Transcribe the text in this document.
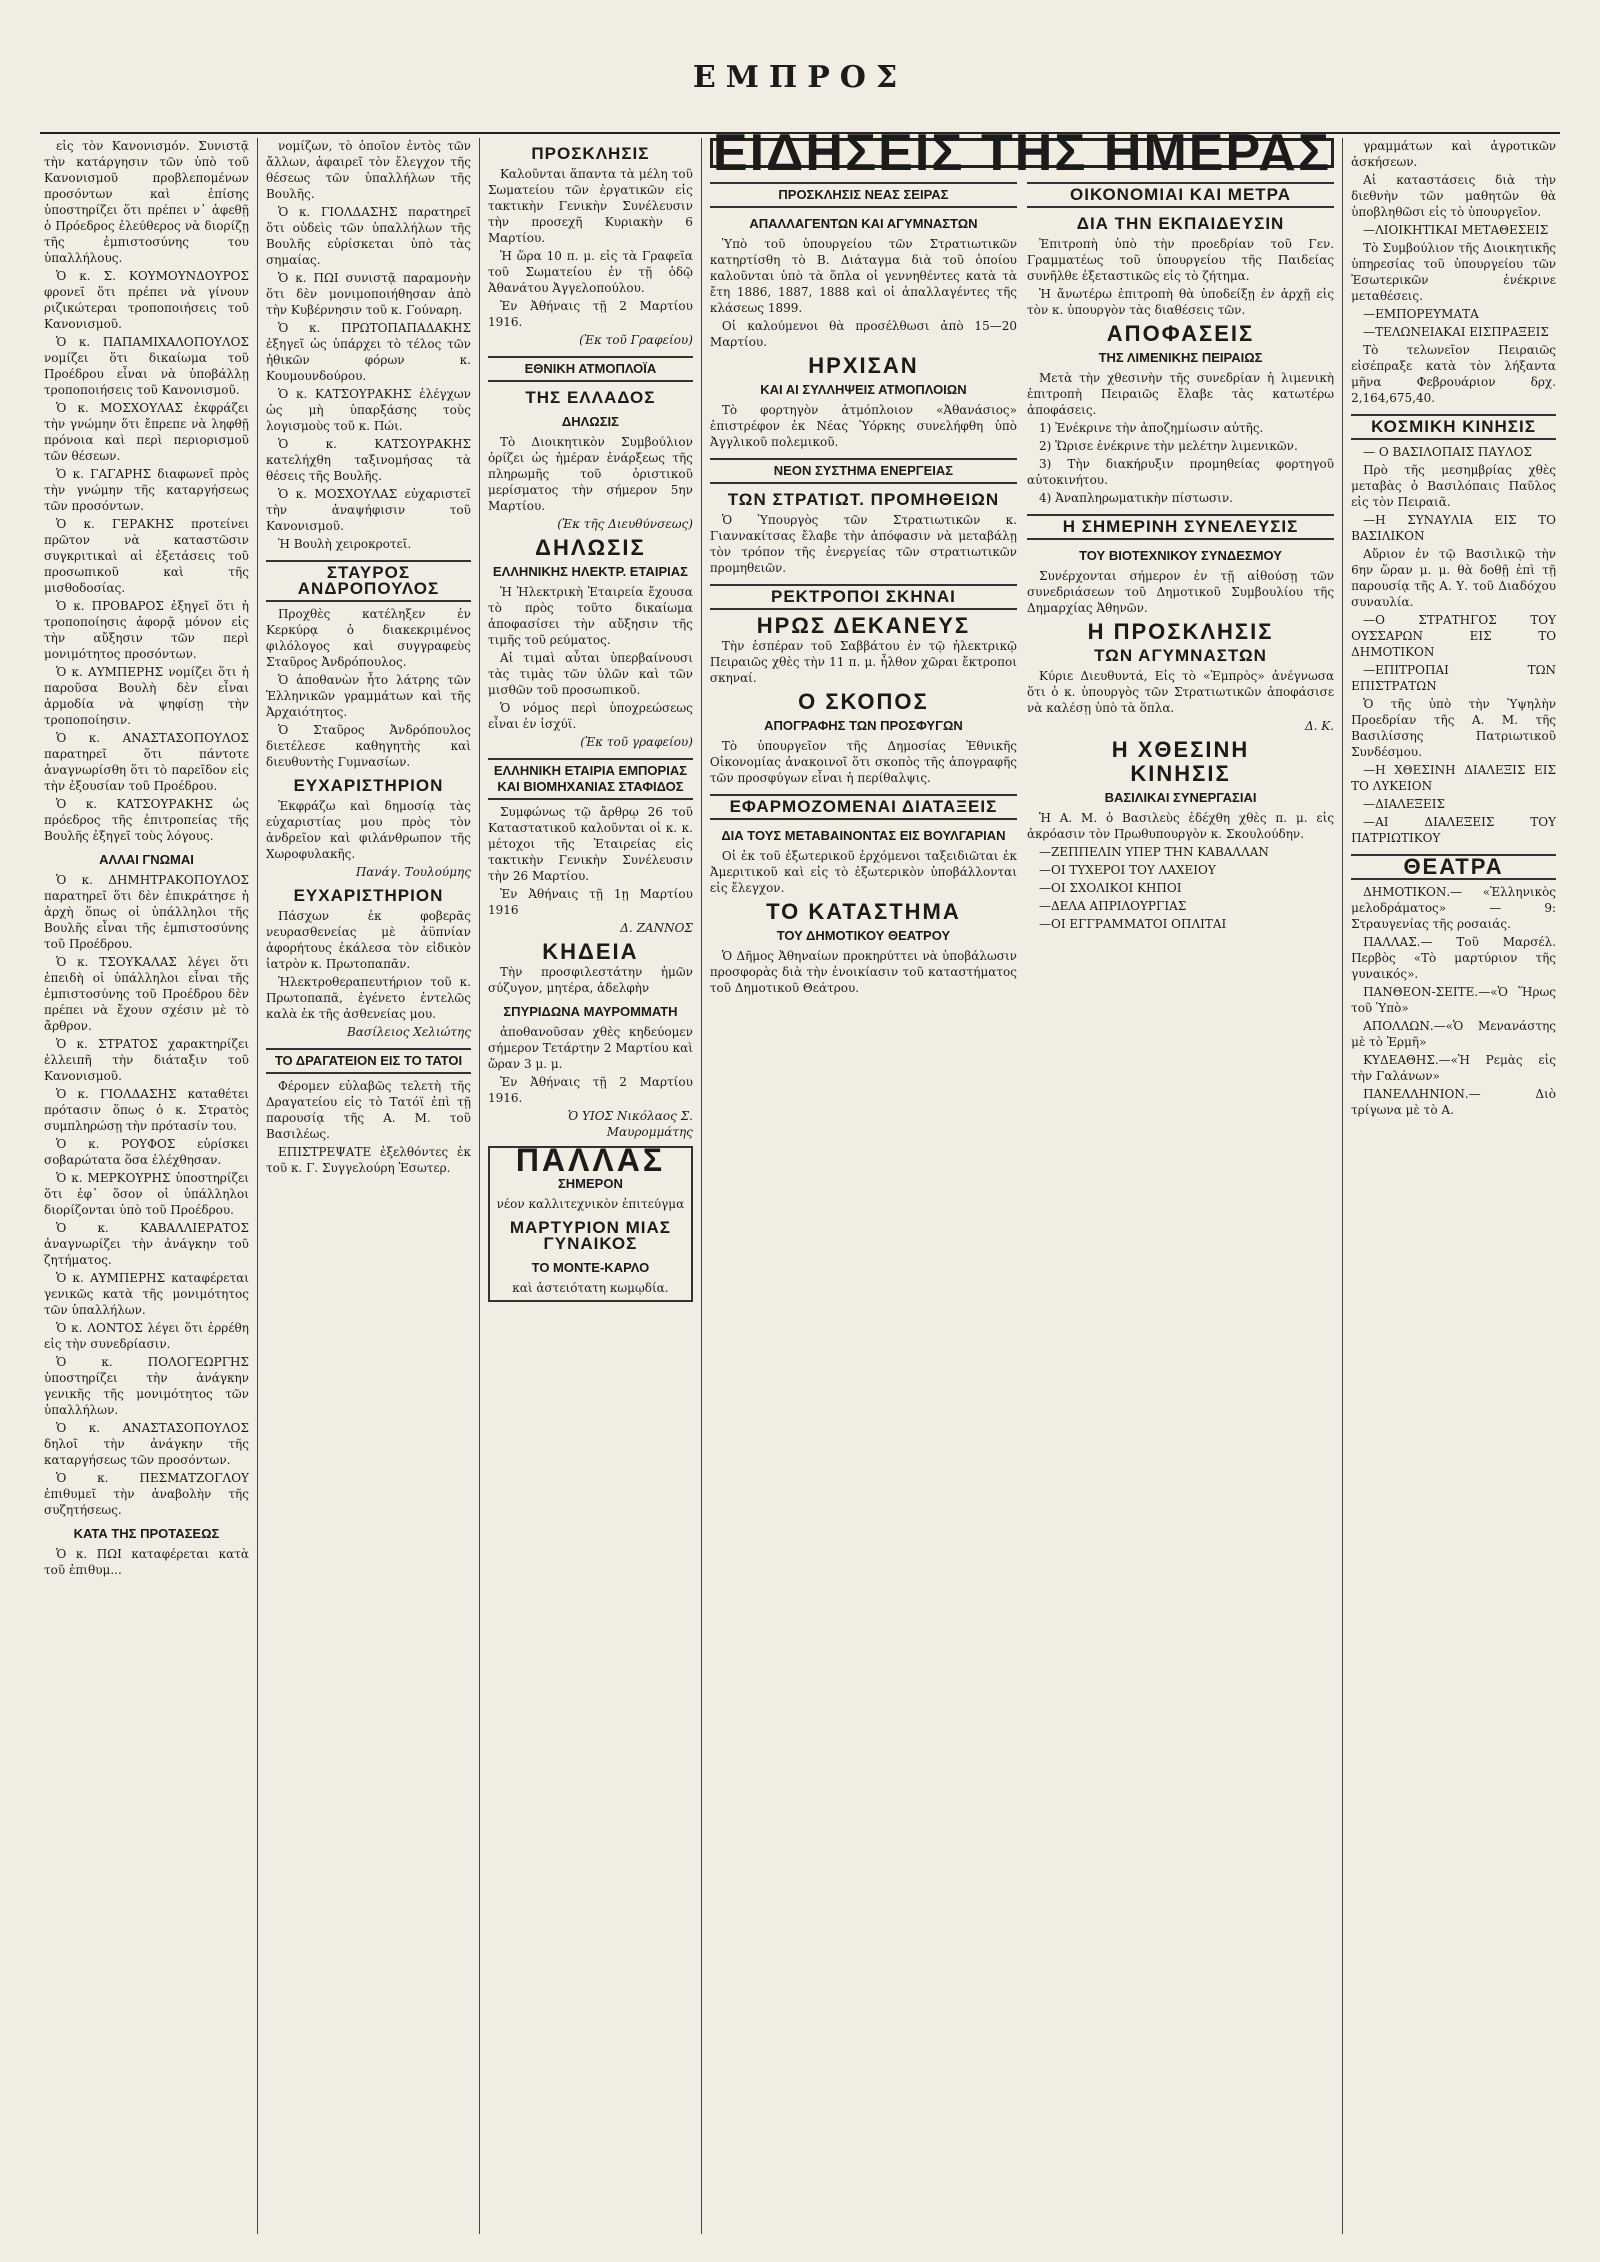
ΕΜΠΡΟΣ

εἰς τὸν Κανονισμόν. Συνιστᾷ τὴν κατάργησιν τῶν ὑπὸ τοῦ Κανονισμοῦ προβλεπομένων προσόντων καὶ ἐπίσης ὑποστηρίζει ὅτι πρέπει ν᾽ ἀφεθῇ ὁ Πρόεδρος ἐλεύθερος νὰ διορίζῃ τῆς ἐμπιστοσύνης του ὑπαλλήλους.

Ὁ κ. Σ. ΚΟΥΜΟΥΝΔΟΥΡΟΣ φρονεῖ ὅτι πρέπει νὰ γίνουν ριζικώτεραι τροποποιήσεις τοῦ Κανονισμοῦ.

Ὁ κ. ΠΑΠΑΜΙΧΑΛΟΠΟΥΛΟΣ νομίζει ὅτι δικαίωμα τοῦ Προέδρου εἶναι νὰ ὑποβάλλῃ τροποποιήσεις τοῦ Κανονισμοῦ.

Ὁ κ. ΜΟΣΧΟΥΛΑΣ ἐκφράζει τὴν γνώμην ὅτι ἔπρεπε νὰ ληφθῇ πρόνοια καὶ περὶ περιορισμοῦ τῶν θέσεων.

Ὁ κ. ΓΑΓΑΡΗΣ διαφωνεῖ πρὸς τὴν γνώμην τῆς καταργήσεως τῶν προσόντων.

Ὁ κ. ΓΕΡΑΚΗΣ προτείνει πρῶτον νὰ καταστῶσιν συγκριτικαὶ αἱ ἐξετάσεις τοῦ προσωπικοῦ καὶ τῆς μισθοδοσίας.

Ὁ κ. ΠΡΟΒΑΡΟΣ ἐξηγεῖ ὅτι ἡ τροποποίησις ἀφορᾷ μόνον εἰς τὴν αὔξησιν τῶν περὶ μονιμότητος προσόντων.

Ὁ κ. ΑΥΜΠΕΡΗΣ νομίζει ὅτι ἡ παροῦσα Βουλὴ δὲν εἶναι ἁρμοδία νὰ ψηφίσῃ τὴν τροποποίησιν.

Ὁ κ. ΑΝΑΣΤΑΣΟΠΟΥΛΟΣ παρατηρεῖ ὅτι πάντοτε ἀναγνωρίσθη ὅτι τὸ παρεῖδον εἰς τὴν ἐξουσίαν τοῦ Προέδρου.

Ὁ κ. ΚΑΤΣΟΥΡΑΚΗΣ ὡς πρόεδρος τῆς ἐπιτροπείας τῆς Βουλῆς ἐξηγεῖ τοὺς λόγους.

ΑΛΛΑΙ ΓΝΩΜΑΙ

Ὁ κ. ΔΗΜΗΤΡΑΚΟΠΟΥΛΟΣ παρατηρεῖ ὅτι δὲν ἐπικράτησε ἡ ἀρχὴ ὅπως οἱ ὑπάλληλοι τῆς Βουλῆς εἶναι τῆς ἐμπιστοσύνης τοῦ Προέδρου.

Ὁ κ. ΤΣΟΥΚΑΛΑΣ λέγει ὅτι ἐπειδὴ οἱ ὑπάλληλοι εἶναι τῆς ἐμπιστοσύνης τοῦ Προέδρου δὲν πρέπει νὰ ἔχουν σχέσιν μὲ τὸ ἄρθρον.

Ὁ κ. ΣΤΡΑΤΟΣ χαρακτηρίζει ἐλλειπῆ τὴν διάταξιν τοῦ Κανονισμοῦ.

Ὁ κ. ΓΙΟΛΔΑΣΗΣ καταθέτει πρότασιν ὅπως ὁ κ. Στρατὸς συμπληρώσῃ τὴν πρότασίν του.

Ὁ κ. ΡΟΥΦΟΣ εὑρίσκει σοβαρώτατα ὅσα ἐλέχθησαν.

Ὁ κ. ΜΕΡΚΟΥΡΗΣ ὑποστηρίζει ὅτι ἐφ᾽ ὅσον οἱ ὑπάλληλοι διορίζονται ὑπὸ τοῦ Προέδρου.

Ὁ κ. ΚΑΒΑΛΛΙΕΡΑΤΟΣ ἀναγνωρίζει τὴν ἀνάγκην τοῦ ζητήματος.

Ὁ κ. ΑΥΜΠΕΡΗΣ καταφέρεται γενικῶς κατὰ τῆς μονιμότητος τῶν ὑπαλλήλων.

Ὁ κ. ΛΟΝΤΟΣ λέγει ὅτι ἐρρέθη εἰς τὴν συνεδρίασιν.

Ὁ κ. ΠΟΛΟΓΕΩΡΓΗΣ ὑποστηρίζει τὴν ἀνάγκην γενικῆς τῆς μονιμότητος τῶν ὑπαλλήλων.

Ὁ κ. ΑΝΑΣΤΑΣΟΠΟΥΛΟΣ δηλοῖ τὴν ἀνάγκην τῆς καταργήσεως τῶν προσόντων.

Ὁ κ. ΠΕΣΜΑΤΖΟΓΛΟΥ ἐπιθυμεῖ τὴν ἀναβολὴν τῆς συζητήσεως.

ΚΑΤΑ ΤΗΣ ΠΡΟΤΑΣΕΩΣ

Ὁ κ. ΠΩΙ καταφέρεται κατὰ τοῦ ἐπιθυμ...

νομίζων, τὸ ὁποῖον ἐντὸς τῶν ἄλλων, ἀφαιρεῖ τὸν ἔλεγχον τῆς θέσεως τῶν ὑπαλλήλων τῆς Βουλῆς.

Ὁ κ. ΓΙΟΛΔΑΣΗΣ παρατηρεῖ ὅτι οὐδεὶς τῶν ὑπαλλήλων τῆς Βουλῆς εὑρίσκεται ὑπὸ τὰς σημαίας.

Ὁ κ. ΠΩΙ συνιστᾷ παραμονὴν ὅτι δὲν μονιμοποιήθησαν ἀπὸ τὴν Κυβέρνησιν τοῦ κ. Γούναρη.

Ὁ κ. ΠΡΩΤΟΠΑΠΑΔΑΚΗΣ ἐξηγεῖ ὡς ὑπάρχει τὸ τέλος τῶν ἠθικῶν φόρων κ. Κουμουνδούρου.

Ὁ κ. ΚΑΤΣΟΥΡΑΚΗΣ ἐλέγχων ὡς μὴ ὑπαρξάσης τοὺς λογισμοὺς τοῦ κ. Πώι.

Ὁ κ. ΚΑΤΣΟΥΡΑΚΗΣ κατελήχθη ταξινομήσας τὰ θέσεις τῆς Βουλῆς.

Ὁ κ. ΜΟΣΧΟΥΛΑΣ εὐχαριστεῖ τὴν ἀναψήφισιν τοῦ Κανονισμοῦ.

Ἡ Βουλὴ χειροκροτεῖ.

ΣΤΑΥΡΟΣ ΑΝΔΡΟΠΟΥΛΟΣ

Προχθὲς κατέληξεν ἐν Κερκύρᾳ ὁ διακεκριμένος φιλόλογος καὶ συγγραφεὺς Σταῦρος Ἀνδρόπουλος.

Ὁ ἀποθανὼν ἦτο λάτρης τῶν Ἑλληνικῶν γραμμάτων καὶ τῆς Ἀρχαιότητος.

Ὁ Σταῦρος Ἀνδρόπουλος διετέλεσε καθηγητὴς καὶ διευθυντὴς Γυμνασίων.

ΕΥΧΑΡΙΣΤΗΡΙΟΝ

Ἐκφράζω καὶ δημοσίᾳ τὰς εὐχαριστίας μου πρὸς τὸν ἀνδρεῖον καὶ φιλάνθρωπον τῆς Χωροφυλακῆς.

Πανάγ. Τουλούμης
ΕΥΧΑΡΙΣΤΗΡΙΟΝ

Πάσχων ἐκ φοβερᾶς νευρασθενείας μὲ ἀϋπνίαν ἀφορήτους ἐκάλεσα τὸν εἰδικὸν ἰατρὸν κ. Πρωτοπαπᾶν.

Ἠλεκτροθεραπευτήριον τοῦ κ. Πρωτοπαπᾶ, ἐγένετο ἐντελῶς καλὰ ἐκ τῆς ἀσθενείας μου.

Βασίλειος Χελιώτης
ΤΟ ΔΡΑΓΑΤΕΙΟΝ ΕΙΣ ΤΟ ΤΑΤΟΙ

Φέρομεν εὐλαβῶς τελετὴ τῆς Δραγατείου εἰς τὸ Τατόϊ ἐπὶ τῇ παρουσίᾳ τῆς Α. Μ. τοῦ Βασιλέως.

ΕΠΙΣΤΡΕΨΑΤΕ ἐξελθόντες ἐκ τοῦ κ. Γ. Συγγελούρη Ἐσωτερ.

ΠΡΟΣΚΛΗΣΙΣ

Καλοῦνται ἅπαντα τὰ μέλη τοῦ Σωματείου τῶν ἐργατικῶν εἰς τακτικὴν Γενικὴν Συνέλευσιν τὴν προσεχῆ Κυριακὴν 6 Μαρτίου.

Ἡ ὥρα 10 π. μ. εἰς τὰ Γραφεῖα τοῦ Σωματείου ἐν τῇ ὁδῷ Ἀθανάτου Ἀγγελοπούλου.

Ἐν Ἀθήναις τῇ 2 Μαρτίου 1916.

(Ἐκ τοῦ Γραφείου)
ΕΘΝΙΚΗ ΑΤΜΟΠΛΟΪΑ
ΤΗΣ ΕΛΛΑΔΟΣ
ΔΗΛΩΣΙΣ

Τὸ Διοικητικὸν Συμβούλιον ὁρίζει ὡς ἡμέραν ἐνάρξεως τῆς πληρωμῆς τοῦ ὁριστικοῦ μερίσματος τὴν σήμερον 5ην Μαρτίου.

(Ἐκ τῆς Διευθύνσεως)
ΔΗΛΩΣΙΣ
ΕΛΛΗΝΙΚΗΣ ΗΛΕΚΤΡ. ΕΤΑΙΡΙΑΣ

Ἡ Ἠλεκτρικὴ Ἑταιρεία ἔχουσα τὸ πρὸς τοῦτο δικαίωμα ἀποφασίσει τὴν αὔξησιν τῆς τιμῆς τοῦ ρεύματος.

Αἱ τιμαὶ αὗται ὑπερβαίνουσι τὰς τιμὰς τῶν ὑλῶν καὶ τῶν μισθῶν τοῦ προσωπικοῦ.

Ὁ νόμος περὶ ὑποχρεώσεως εἶναι ἐν ἰσχύϊ.

(Ἐκ τοῦ γραφείου)
ΕΛΛΗΝΙΚΗ ΕΤΑΙΡΙΑ ΕΜΠΟΡΙΑΣ ΚΑΙ ΒΙΟΜΗΧΑΝΙΑΣ ΣΤΑΦΙΔΟΣ

Συμφώνως τῷ ἄρθρῳ 26 τοῦ Καταστατικοῦ καλοῦνται οἱ κ. κ. μέτοχοι τῆς Ἑταιρείας εἰς τακτικὴν Γενικὴν Συνέλευσιν τὴν 26 Μαρτίου.

Ἐν Ἀθήναις τῇ 1ῃ Μαρτίου 1916

Δ. ΖΑΝΝΟΣ
ΚΗΔΕΙΑ

Τὴν προσφιλεστάτην ἡμῶν σύζυγον, μητέρα, ἀδελφὴν

ΣΠΥΡΙΔΩΝΑ ΜΑΥΡΟΜΜΑΤΗ

ἀποθανοῦσαν χθὲς κηδεύομεν σήμερον Τετάρτην 2 Μαρτίου καὶ ὥραν 3 μ. μ.

Ἐν Ἀθήναις τῇ 2 Μαρτίου 1916.

Ὁ ΥΙΟΣ Νικόλαος Σ. Μαυρομμάτης
ΠΑΛΛΑΣ
ΣΗΜΕΡΟΝ
νέον καλλιτεχνικὸν ἐπιτεύγμα
ΜΑΡΤΥΡΙΟΝ ΜΙΑΣ ΓΥΝΑΙΚΟΣ
ΤΟ ΜΟΝΤΕ-ΚΑΡΛΟ
καὶ ἀστειότατη κωμῳδία.
ΕΙΔΗΣΕΙΣ ΤΗΣ ΗΜΕΡΑΣ
ΠΡΟΣΚΛΗΣΙΣ ΝΕΑΣ ΣΕΙΡΑΣ
ΑΠΑΛΛΑΓΕΝΤΩΝ ΚΑΙ ΑΓΥΜΝΑΣΤΩΝ

Ὑπὸ τοῦ ὑπουργείου τῶν Στρατιωτικῶν κατηρτίσθη τὸ Β. Διάταγμα διὰ τοῦ ὁποίου καλοῦνται ὑπὸ τὰ ὅπλα οἱ γεννηθέντες κατὰ τὰ ἔτη 1886, 1887, 1888 καὶ οἱ ἀπαλλαγέντες τῆς κλάσεως 1899.

Οἱ καλούμενοι θὰ προσέλθωσι ἀπὸ 15—20 Μαρτίου.

ΗΡΧΙΣΑΝ
ΚΑΙ ΑΙ ΣΥΛΛΗΨΕΙΣ ΑΤΜΟΠΛΟΙΩΝ

Τὸ φορτηγὸν ἀτμόπλοιον «Ἀθανάσιος» ἐπιστρέφον ἐκ Νέας Ὑόρκης συνελήφθη ὑπὸ Ἀγγλικοῦ πολεμικοῦ.

ΝΕΟΝ ΣΥΣΤΗΜΑ ΕΝΕΡΓΕΙΑΣ
ΤΩΝ ΣΤΡΑΤΙΩΤ. ΠΡΟΜΗΘΕΙΩΝ

Ὁ Ὑπουργὸς τῶν Στρατιωτικῶν κ. Γιαννακίτσας ἔλαβε τὴν ἀπόφασιν νὰ μεταβάλῃ τὸν τρόπον τῆς ἐνεργείας τῶν στρατιωτικῶν προμηθειῶν.

ΡΕΚΤΡΟΠΟΙ ΣΚΗΝΑΙ
ΗΡΩΣ ΔΕΚΑΝΕΥΣ

Τὴν ἑσπέραν τοῦ Σαββάτου ἐν τῷ ἠλεκτρικῷ Πειραιῶς χθὲς τὴν 11 π. μ. ἦλθον χῶραι ἔκτροποι σκηναί.

Ο ΣΚΟΠΟΣ
ΑΠΟΓΡΑΦΗΣ ΤΩΝ ΠΡΟΣΦΥΓΩΝ

Τὸ ὑπουργεῖον τῆς Δημοσίας Ἐθνικῆς Οἰκονομίας ἀνακοινοῖ ὅτι σκοπὸς τῆς ἀπογραφῆς τῶν προσφύγων εἶναι ἡ περίθαλψις.

ΕΦΑΡΜΟΖΟΜΕΝΑΙ ΔΙΑΤΑΞΕΙΣ
ΔΙΑ ΤΟΥΣ ΜΕΤΑΒΑΙΝΟΝΤΑΣ ΕΙΣ ΒΟΥΛΓΑΡΙΑΝ

Οἱ ἐκ τοῦ ἐξωτερικοῦ ἐρχόμενοι ταξειδιῶται ἐκ Ἀμεριτικοῦ καὶ εἰς τὸ ἐξωτερικὸν ὑποβάλλονται εἰς ἔλεγχον.

ΤΟ ΚΑΤΑΣΤΗΜΑ
ΤΟΥ ΔΗΜΟΤΙΚΟΥ ΘΕΑΤΡΟΥ

Ὁ Δῆμος Ἀθηναίων προκηρύττει νὰ ὑποβάλωσιν προσφορὰς διὰ τὴν ἐνοικίασιν τοῦ καταστήματος τοῦ Δημοτικοῦ Θεάτρου.

ΟΙΚΟΝΟΜΙΑΙ ΚΑΙ ΜΕΤΡΑ
ΔΙΑ ΤΗΝ ΕΚΠΑΙΔΕΥΣΙΝ

Ἐπιτροπὴ ὑπὸ τὴν προεδρίαν τοῦ Γεν. Γραμματέως τοῦ ὑπουργείου τῆς Παιδείας συνῆλθε ἐξεταστικῶς εἰς τὸ ζήτημα.

Ἡ ἄνωτέρω ἐπιτροπὴ θὰ ὑποδείξῃ ἐν ἀρχῇ εἰς τὸν κ. ὑπουργὸν τὰς διαθέσεις τῶν.

ΑΠΟΦΑΣΕΙΣ
ΤΗΣ ΛΙΜΕΝΙΚΗΣ ΠΕΙΡΑΙΩΣ

Μετὰ τὴν χθεσινὴν τῆς συνεδρίαν ἡ λιμενικὴ ἐπιτροπὴ Πειραιῶς ἔλαβε τὰς κατωτέρω ἀποφάσεις.

1) Ἐνέκρινε τὴν ἀποζημίωσιν αὐτῆς.

2) Ὥρισε ἐνέκρινε τὴν μελέτην λιμενικῶν.

3) Τὴν διακήρυξιν προμηθείας φορτηγοῦ αὐτοκινήτου.

4) Ἀναπληρωματικὴν πίστωσιν.

Η ΣΗΜΕΡΙΝΗ ΣΥΝΕΛΕΥΣΙΣ
ΤΟΥ ΒΙΟΤΕΧΝΙΚΟΥ ΣΥΝΔΕΣΜΟΥ

Συνέρχονται σήμερον ἐν τῇ αἰθούσῃ τῶν συνεδριάσεων τοῦ Δημοτικοῦ Συμβουλίου τῆς Δημαρχίας Ἀθηνῶν.

Η ΠΡΟΣΚΛΗΣΙΣ
ΤΩΝ ΑΓΥΜΝΑΣΤΩΝ

Κύριε Διευθυντά, Εἰς τὸ «Ἐμπρὸς» ἀνέγνωσα ὅτι ὁ κ. ὑπουργὸς τῶν Στρατιωτικῶν ἀποφάσισε νὰ καλέσῃ ὑπὸ τὰ ὅπλα.

Δ. Κ.
Η ΧΘΕΣΙΝΗ
ΚΙΝΗΣΙΣ
ΒΑΣΙΛΙΚΑΙ ΣΥΝΕΡΓΑΣΙΑΙ

Ἡ Α. Μ. ὁ Βασιλεὺς ἐδέχθη χθὲς π. μ. εἰς ἀκρόασιν τὸν Πρωθυπουργὸν κ. Σκουλούδην.

—ΖΕΠΠΕΛΙΝ ΥΠΕΡ ΤΗΝ ΚΑΒΑΛΛΑΝ

—ΟΙ ΤΥΧΕΡΟΙ ΤΟΥ ΛΑΧΕΙΟΥ

—ΟΙ ΣΧΟΛΙΚΟΙ ΚΗΠΟΙ

—ΔΕΛΑ ΑΠΡΙΛΟΥΡΓΙΑΣ

—ΟΙ ΕΓΓΡΑΜΜΑΤΟΙ ΟΠΛΙΤΑΙ

γραμμάτων καὶ ἀγροτικῶν ἀσκήσεων.

Αἱ καταστάσεις διὰ τὴν διεθνὴν τῶν μαθητῶν θὰ ὑποβληθῶσι εἰς τὸ ὑπουργεῖον.

—ΛΙΟΙΚΗΤΙΚΑΙ ΜΕΤΑΘΕΣΕΙΣ

Τὸ Συμβούλιον τῆς Διοικητικῆς ὑπηρεσίας τοῦ ὑπουργείου τῶν Ἐσωτερικῶν ἐνέκρινε μεταθέσεις.

—ΕΜΠΟΡΕΥΜΑΤΑ

—ΤΕΛΩΝΕΙΑΚΑΙ ΕΙΣΠΡΑΞΕΙΣ

Τὸ τελωνεῖον Πειραιῶς εἰσέπραξε κατὰ τὸν λήξαντα μῆνα Φεβρουάριον δρχ. 2,164,675,40.

ΚΟΣΜΙΚΗ ΚΙΝΗΣΙΣ

— Ο ΒΑΣΙΛΟΠΑΙΣ ΠΑΥΛΟΣ

Πρὸ τῆς μεσημβρίας χθὲς μεταβὰς ὁ Βασιλόπαις Παῦλος εἰς τὸν Πειραιᾶ.

—Η ΣΥΝΑΥΛΙΑ ΕΙΣ ΤΟ ΒΑΣΙΛΙΚΟΝ

Αὔριον ἐν τῷ Βασιλικῷ τὴν 6ην ὥραν μ. μ. θὰ δοθῇ ἐπὶ τῇ παρουσίᾳ τῆς Α. Υ. τοῦ Διαδόχου συναυλία.

—Ο ΣΤΡΑΤΗΓΟΣ ΤΟΥ ΟΥΣΣΑΡΩΝ ΕΙΣ ΤΟ ΔΗΜΟΤΙΚΟΝ

—ΕΠΙΤΡΟΠΑΙ ΤΩΝ ΕΠΙΣΤΡΑΤΩΝ

Ὁ τῆς ὑπὸ τὴν Ὑψηλὴν Προεδρίαν τῆς Α. Μ. τῆς Βασιλίσσης Πατριωτικοῦ Συνδέσμου.

—Η ΧΘΕΣΙΝΗ ΔΙΑΛΕΞΙΣ ΕΙΣ ΤΟ ΛΥΚΕΙΟΝ

—ΔΙΑΛΕΞΕΙΣ

—ΑΙ ΔΙΑΛΕΞΕΙΣ ΤΟΥ ΠΑΤΡΙΩΤΙΚΟΥ

ΘΕΑΤΡΑ

ΔΗΜΟΤΙΚΟΝ.— «Ἑλληνικὸς μελοδράματος» — 9: Στραυγενίας τῆς ροσαιάς.

ΠΑΛΛΑΣ.— Τοῦ Μαρσέλ. Περβὸς «Τὸ μαρτύριον τῆς γυναικός».

ΠΑΝΘΕΟΝ-ΣΕΙΤΕ.—«Ὁ Ἥρως τοῦ Ὑπὸ»

ΑΠΟΛΛΩΝ.—«Ὁ Μενανάστης μὲ τὸ Ἐρμῆ»

ΚΥΔΕΑΘΗΣ.—«Ἡ Ρεμὰς εἰς τὴν Γαλάνων»

ΠΑΝΕΛΛΗΝΙΟΝ.— Διὸ τρίγωνα μὲ τὸ Α.
